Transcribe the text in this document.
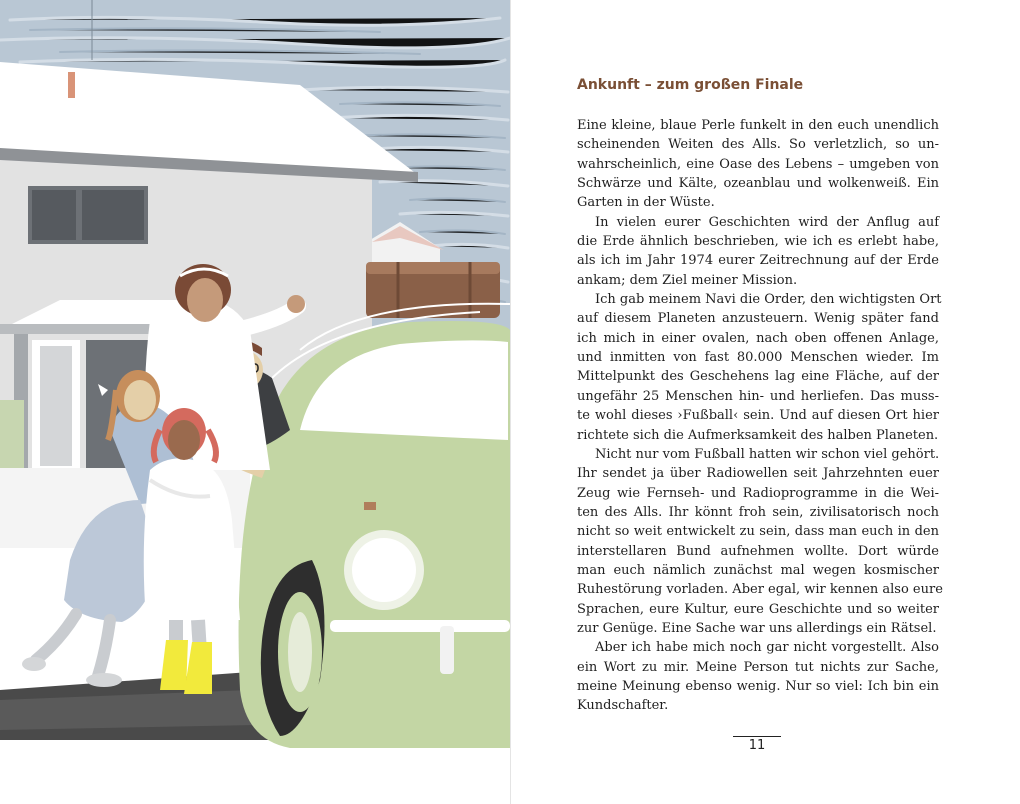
Ankunft – zum großen Finale
Eine kleine, blaue Perle funkelt in den euch unendlich
scheinenden Weiten des Alls. So verletzlich, so un-
wahrscheinlich, eine Oase des Lebens – umgeben von
Schwärze und Kälte, ozeanblau und wolkenweiß. Ein
Garten in der Wüste.
In vielen eurer Geschichten wird der Anflug auf
die Erde ähnlich beschrieben, wie ich es erlebt habe,
als ich im Jahr 1974 eurer Zeitrechnung auf der Erde
ankam; dem Ziel meiner Mission.
Ich gab meinem Navi die Order, den wichtigsten Ort
auf diesem Planeten anzusteuern. Wenig später fand
ich mich in einer ovalen, nach oben offenen Anlage,
und inmitten von fast 80.000 Menschen wieder. Im
Mittelpunkt des Geschehens lag eine Fläche, auf der
ungefähr 25 Menschen hin- und herliefen. Das muss-
te wohl dieses ›Fußball‹ sein. Und auf diesen Ort hier
richtete sich die Aufmerksamkeit des halben Planeten.
Nicht nur vom Fußball hatten wir schon viel gehört.
Ihr sendet ja über Radiowellen seit Jahrzehnten euer
Zeug wie Fernseh- und Radioprogramme in die Wei-
ten des Alls. Ihr könnt froh sein, zivilisatorisch noch
nicht so weit entwickelt zu sein, dass man euch in den
interstellaren Bund aufnehmen wollte. Dort würde
man euch nämlich zunächst mal wegen kosmischer
Ruhestörung vorladen. Aber egal, wir kennen also eure
Sprachen, eure Kultur, eure Geschichte und so weiter
zur Genüge. Eine Sache war uns allerdings ein Rätsel.
Aber ich habe mich noch gar nicht vorgestellt. Also
ein Wort zu mir. Meine Person tut nichts zur Sache,
meine Meinung ebenso wenig. Nur so viel: Ich bin ein
Kundschafter.
11
